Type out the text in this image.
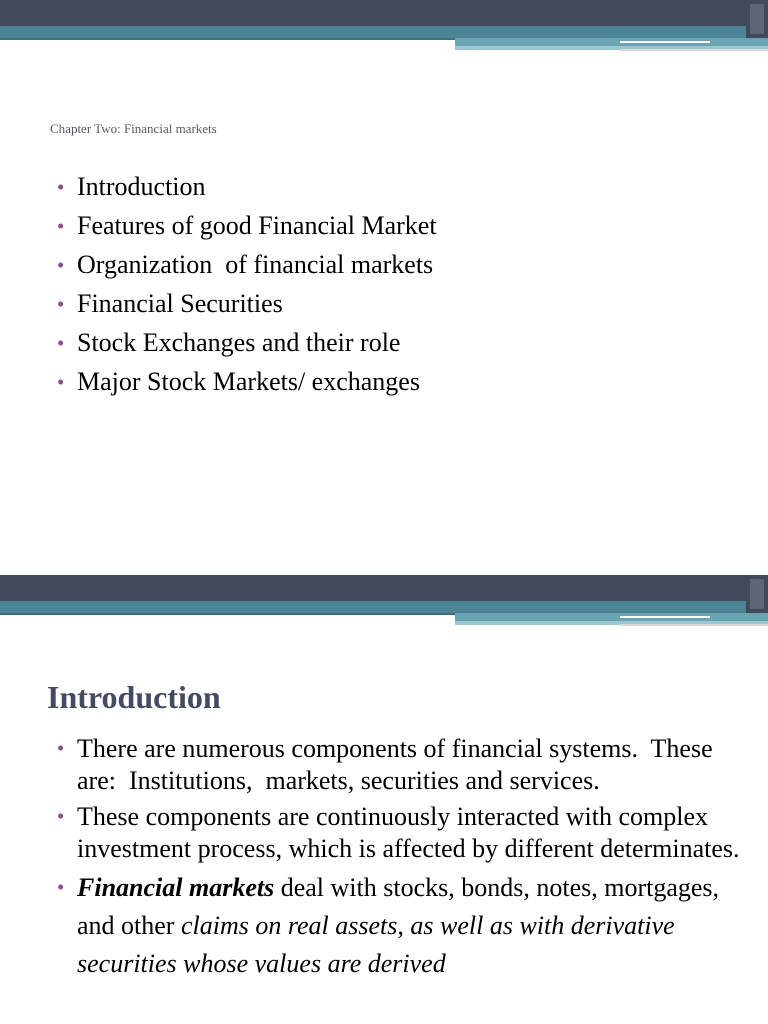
Chapter Two: Financial markets
• Introduction
• Features of good Financial Market
• Organization  of financial markets
• Financial Securities
• Stock Exchanges and their role
• Major Stock Markets/ exchanges
Introduction
• There are numerous components of financial systems.  These are:  Institutions,  markets, securities and services.
• These components are continuously interacted with complex investment process, which is affected by different determinates.
• Financial markets deal with stocks, bonds, notes, mortgages, and other claims on real assets, as well as with derivative securities whose values are derived
